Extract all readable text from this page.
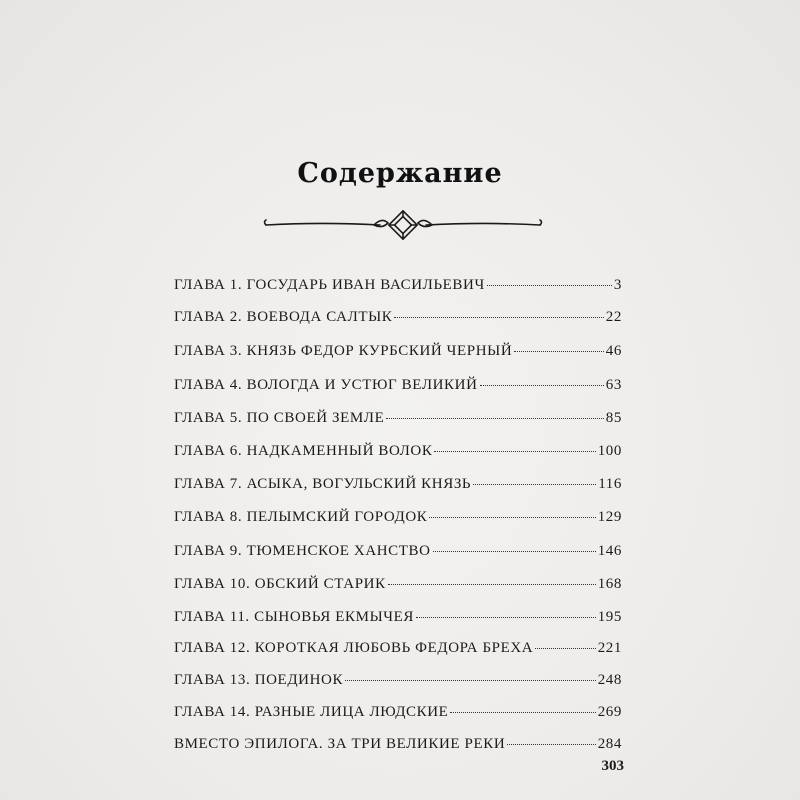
Содержание
ГЛАВА 1. ГОСУДАРЬ ИВАН ВАСИЛЬЕВИЧ	3
ГЛАВА 2. ВОЕВОДА САЛТЫК	22
ГЛАВА 3. КНЯЗЬ ФЕДОР КУРБСКИЙ ЧЕРНЫЙ	46
ГЛАВА 4. ВОЛОГДА И УСТЮГ ВЕЛИКИЙ	63
ГЛАВА 5. ПО СВОЕЙ ЗЕМЛЕ	85
ГЛАВА 6. НАДКАМЕННЫЙ ВОЛОК	100
ГЛАВА 7. АСЫКА, ВОГУЛЬСКИЙ КНЯЗЬ	116
ГЛАВА 8. ПЕЛЫМСКИЙ ГОРОДОК	129
ГЛАВА 9. ТЮМЕНСКОЕ ХАНСТВО	146
ГЛАВА 10. ОБСКИЙ СТАРИК	168
ГЛАВА 11. СЫНОВЬЯ ЕКМЫЧЕЯ	195
ГЛАВА 12. КОРОТКАЯ ЛЮБОВЬ ФЕДОРА БРЕХА	221
ГЛАВА 13. ПОЕДИНОК	248
ГЛАВА 14. РАЗНЫЕ ЛИЦА ЛЮДСКИЕ	269
ВМЕСТО ЭПИЛОГА. ЗА ТРИ ВЕЛИКИЕ РЕКИ	284
303
